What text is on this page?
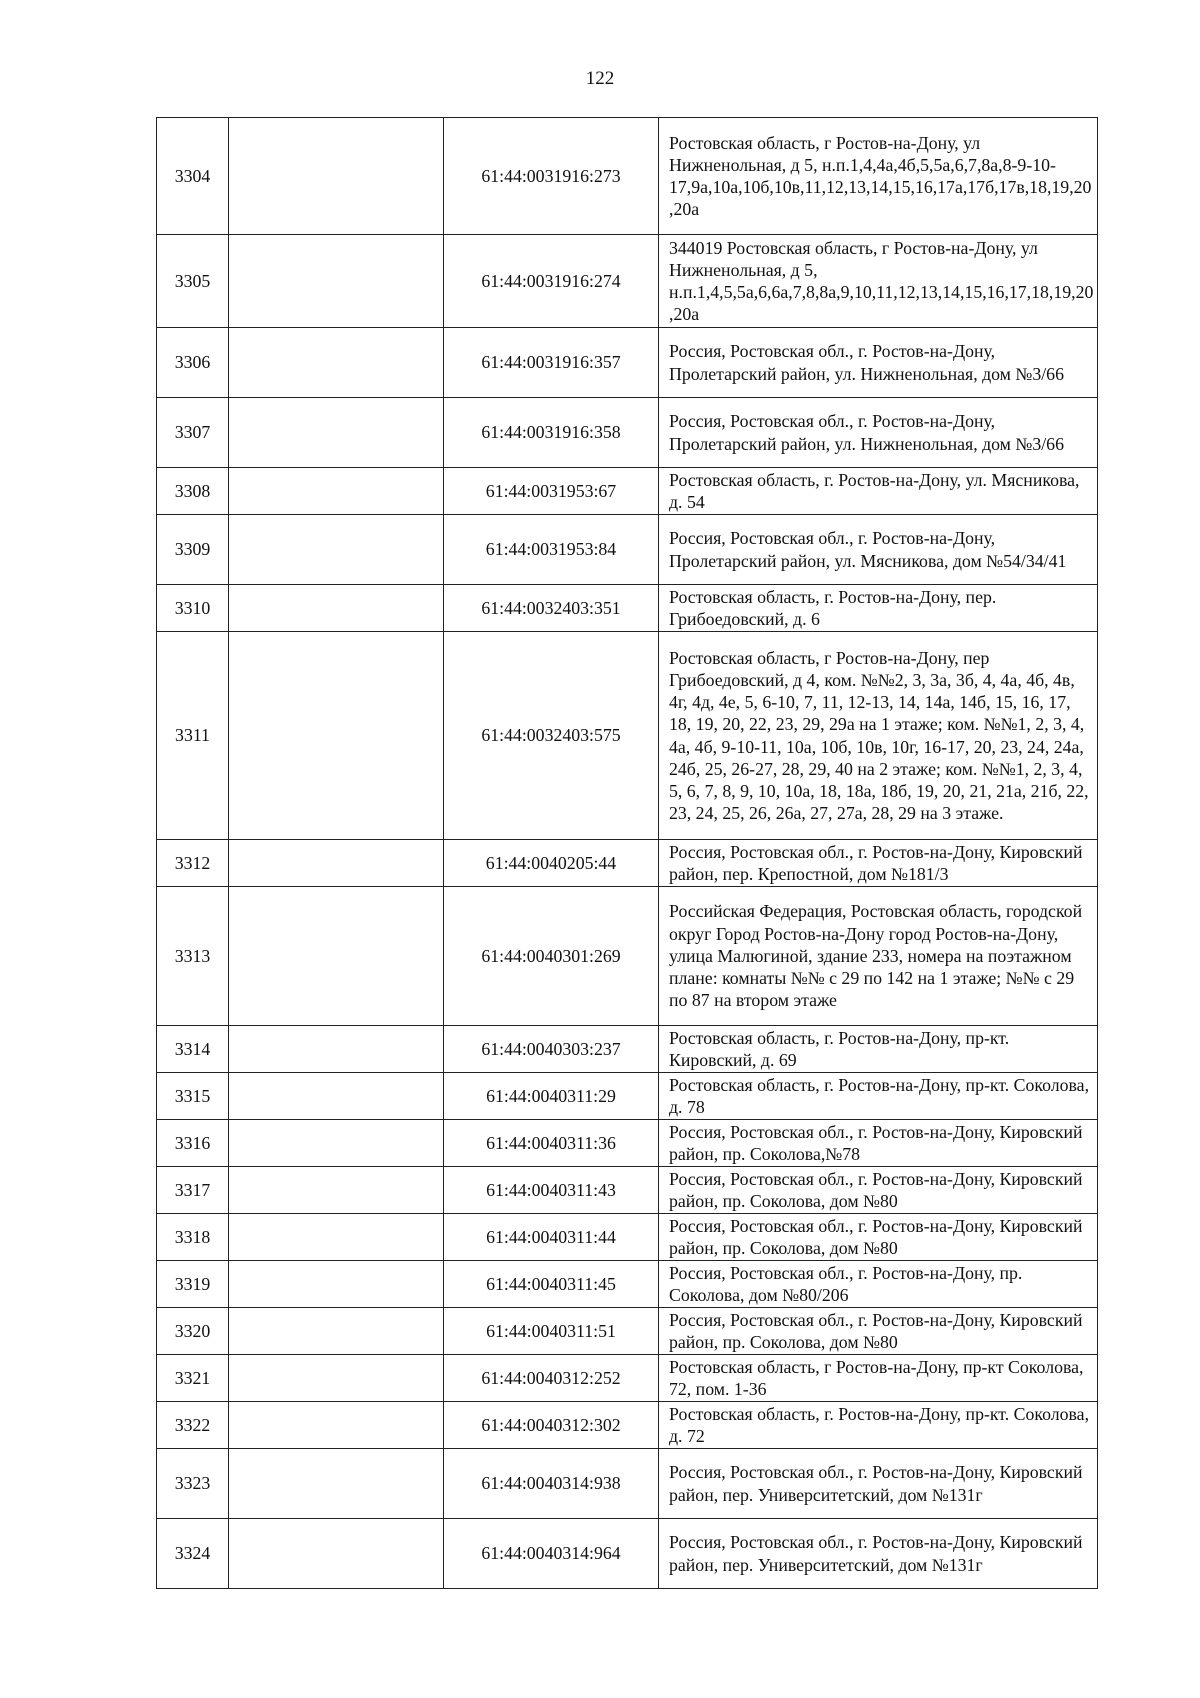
122
3304		61:44:0031916:273	Ростовская область, г Ростов-на-Дону, ул Нижненольная, д 5, н.п.1,4,4а,4б,5,5а,6,7,8а,8-9-10-17,9а,10а,10б,10в,11,12,13,14,15,16,17а,17б,17в,18,19,20,20а
3305		61:44:0031916:274	344019 Ростовская область, г Ростов-на-Дону, ул Нижненольная, д 5, н.п.1,4,5,5а,6,6а,7,8,8а,9,10,11,12,13,14,15,16,17,18,19,20,20а
3306		61:44:0031916:357	Россия, Ростовская обл., г. Ростов-на-Дону, Пролетарский район, ул. Нижненольная, дом №3/66
3307		61:44:0031916:358	Россия, Ростовская обл., г. Ростов-на-Дону, Пролетарский район, ул. Нижненольная, дом №3/66
3308		61:44:0031953:67	Ростовская область, г. Ростов-на-Дону, ул. Мясникова, д. 54
3309		61:44:0031953:84	Россия, Ростовская обл., г. Ростов-на-Дону, Пролетарский район, ул. Мясникова, дом №54/34/41
3310		61:44:0032403:351	Ростовская область, г. Ростов-на-Дону, пер. Грибоедовский, д. 6
3311		61:44:0032403:575	Ростовская область, г Ростов-на-Дону, пер Грибоедовский, д 4, ком. №№2, 3, 3а, 3б, 4, 4а, 4б, 4в, 4г, 4д, 4е, 5, 6-10, 7, 11, 12-13, 14, 14а, 14б, 15, 16, 17, 18, 19, 20, 22, 23, 29, 29а на 1 этаже; ком. №№1, 2, 3, 4, 4а, 4б, 9-10-11, 10а, 10б, 10в, 10г, 16-17, 20, 23, 24, 24а, 24б, 25, 26-27, 28, 29, 40 на 2 этаже; ком. №№1, 2, 3, 4, 5, 6, 7, 8, 9, 10, 10а, 18, 18а, 18б, 19, 20, 21, 21а, 21б, 22, 23, 24, 25, 26, 26а, 27, 27а, 28, 29 на 3 этаже.
3312		61:44:0040205:44	Россия, Ростовская обл., г. Ростов-на-Дону, Кировский район, пер. Крепостной, дом №181/3
3313		61:44:0040301:269	Российская Федерация, Ростовская область, городской округ Город Ростов-на-Дону город Ростов-на-Дону, улица Малюгиной, здание 233, номера на поэтажном плане: комнаты №№ с 29 по 142 на 1 этаже; №№ с 29 по 87 на втором этаже
3314		61:44:0040303:237	Ростовская область, г. Ростов-на-Дону, пр-кт. Кировский, д. 69
3315		61:44:0040311:29	Ростовская область, г. Ростов-на-Дону, пр-кт. Соколова, д. 78
3316		61:44:0040311:36	Россия, Ростовская обл., г. Ростов-на-Дону, Кировский район, пр. Соколова,№78
3317		61:44:0040311:43	Россия, Ростовская обл., г. Ростов-на-Дону, Кировский район, пр. Соколова, дом №80
3318		61:44:0040311:44	Россия, Ростовская обл., г. Ростов-на-Дону, Кировский район, пр. Соколова, дом №80
3319		61:44:0040311:45	Россия, Ростовская обл., г. Ростов-на-Дону, пр. Соколова, дом №80/206
3320		61:44:0040311:51	Россия, Ростовская обл., г. Ростов-на-Дону, Кировский район, пр. Соколова, дом №80
3321		61:44:0040312:252	Ростовская область, г Ростов-на-Дону, пр-кт Соколова, 72, пом. 1-36
3322		61:44:0040312:302	Ростовская область, г. Ростов-на-Дону, пр-кт. Соколова, д. 72
3323		61:44:0040314:938	Россия, Ростовская обл., г. Ростов-на-Дону, Кировский район, пер. Университетский, дом №131г
3324		61:44:0040314:964	Россия, Ростовская обл., г. Ростов-на-Дону, Кировский район, пер. Университетский, дом №131г
